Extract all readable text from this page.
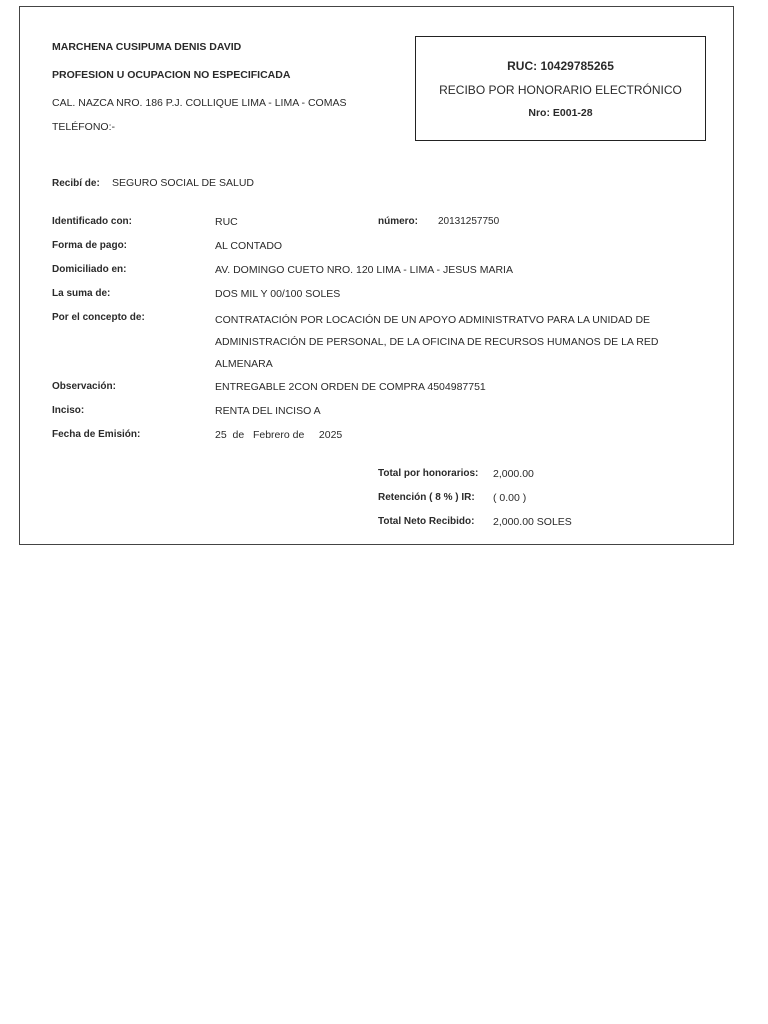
MARCHENA CUSIPUMA DENIS DAVID
PROFESION U OCUPACION NO ESPECIFICADA
CAL. NAZCA NRO. 186 P.J. COLLIQUE LIMA - LIMA - COMAS
TELÉFONO:-
RUC: 10429785265
RECIBO POR HONORARIO ELECTRÓNICO
Nro: E001-28
Recibí de: SEGURO SOCIAL DE SALUD
Identificado con:	RUC	número: 20131257750
Forma de pago:	AL CONTADO
Domiciliado en:	AV. DOMINGO CUETO NRO. 120 LIMA - LIMA - JESUS MARIA
La suma de:	DOS MIL Y 00/100 SOLES
Por el concepto de:	CONTRATACIÓN POR LOCACIÓN DE UN APOYO ADMINISTRATVO PARA LA UNIDAD DE ADMINISTRACIÓN DE PERSONAL, DE LA OFICINA DE RECURSOS HUMANOS DE LA RED ALMENARA
Observación:	ENTREGABLE 2CON ORDEN DE COMPRA 4504987751
Inciso:	RENTA DEL INCISO A
Fecha de Emisión:	25  de   Febrero de     2025
Total por honorarios: 2,000.00
Retención ( 8 % ) IR: ( 0.00 )
Total Neto Recibido: 2,000.00 SOLES
